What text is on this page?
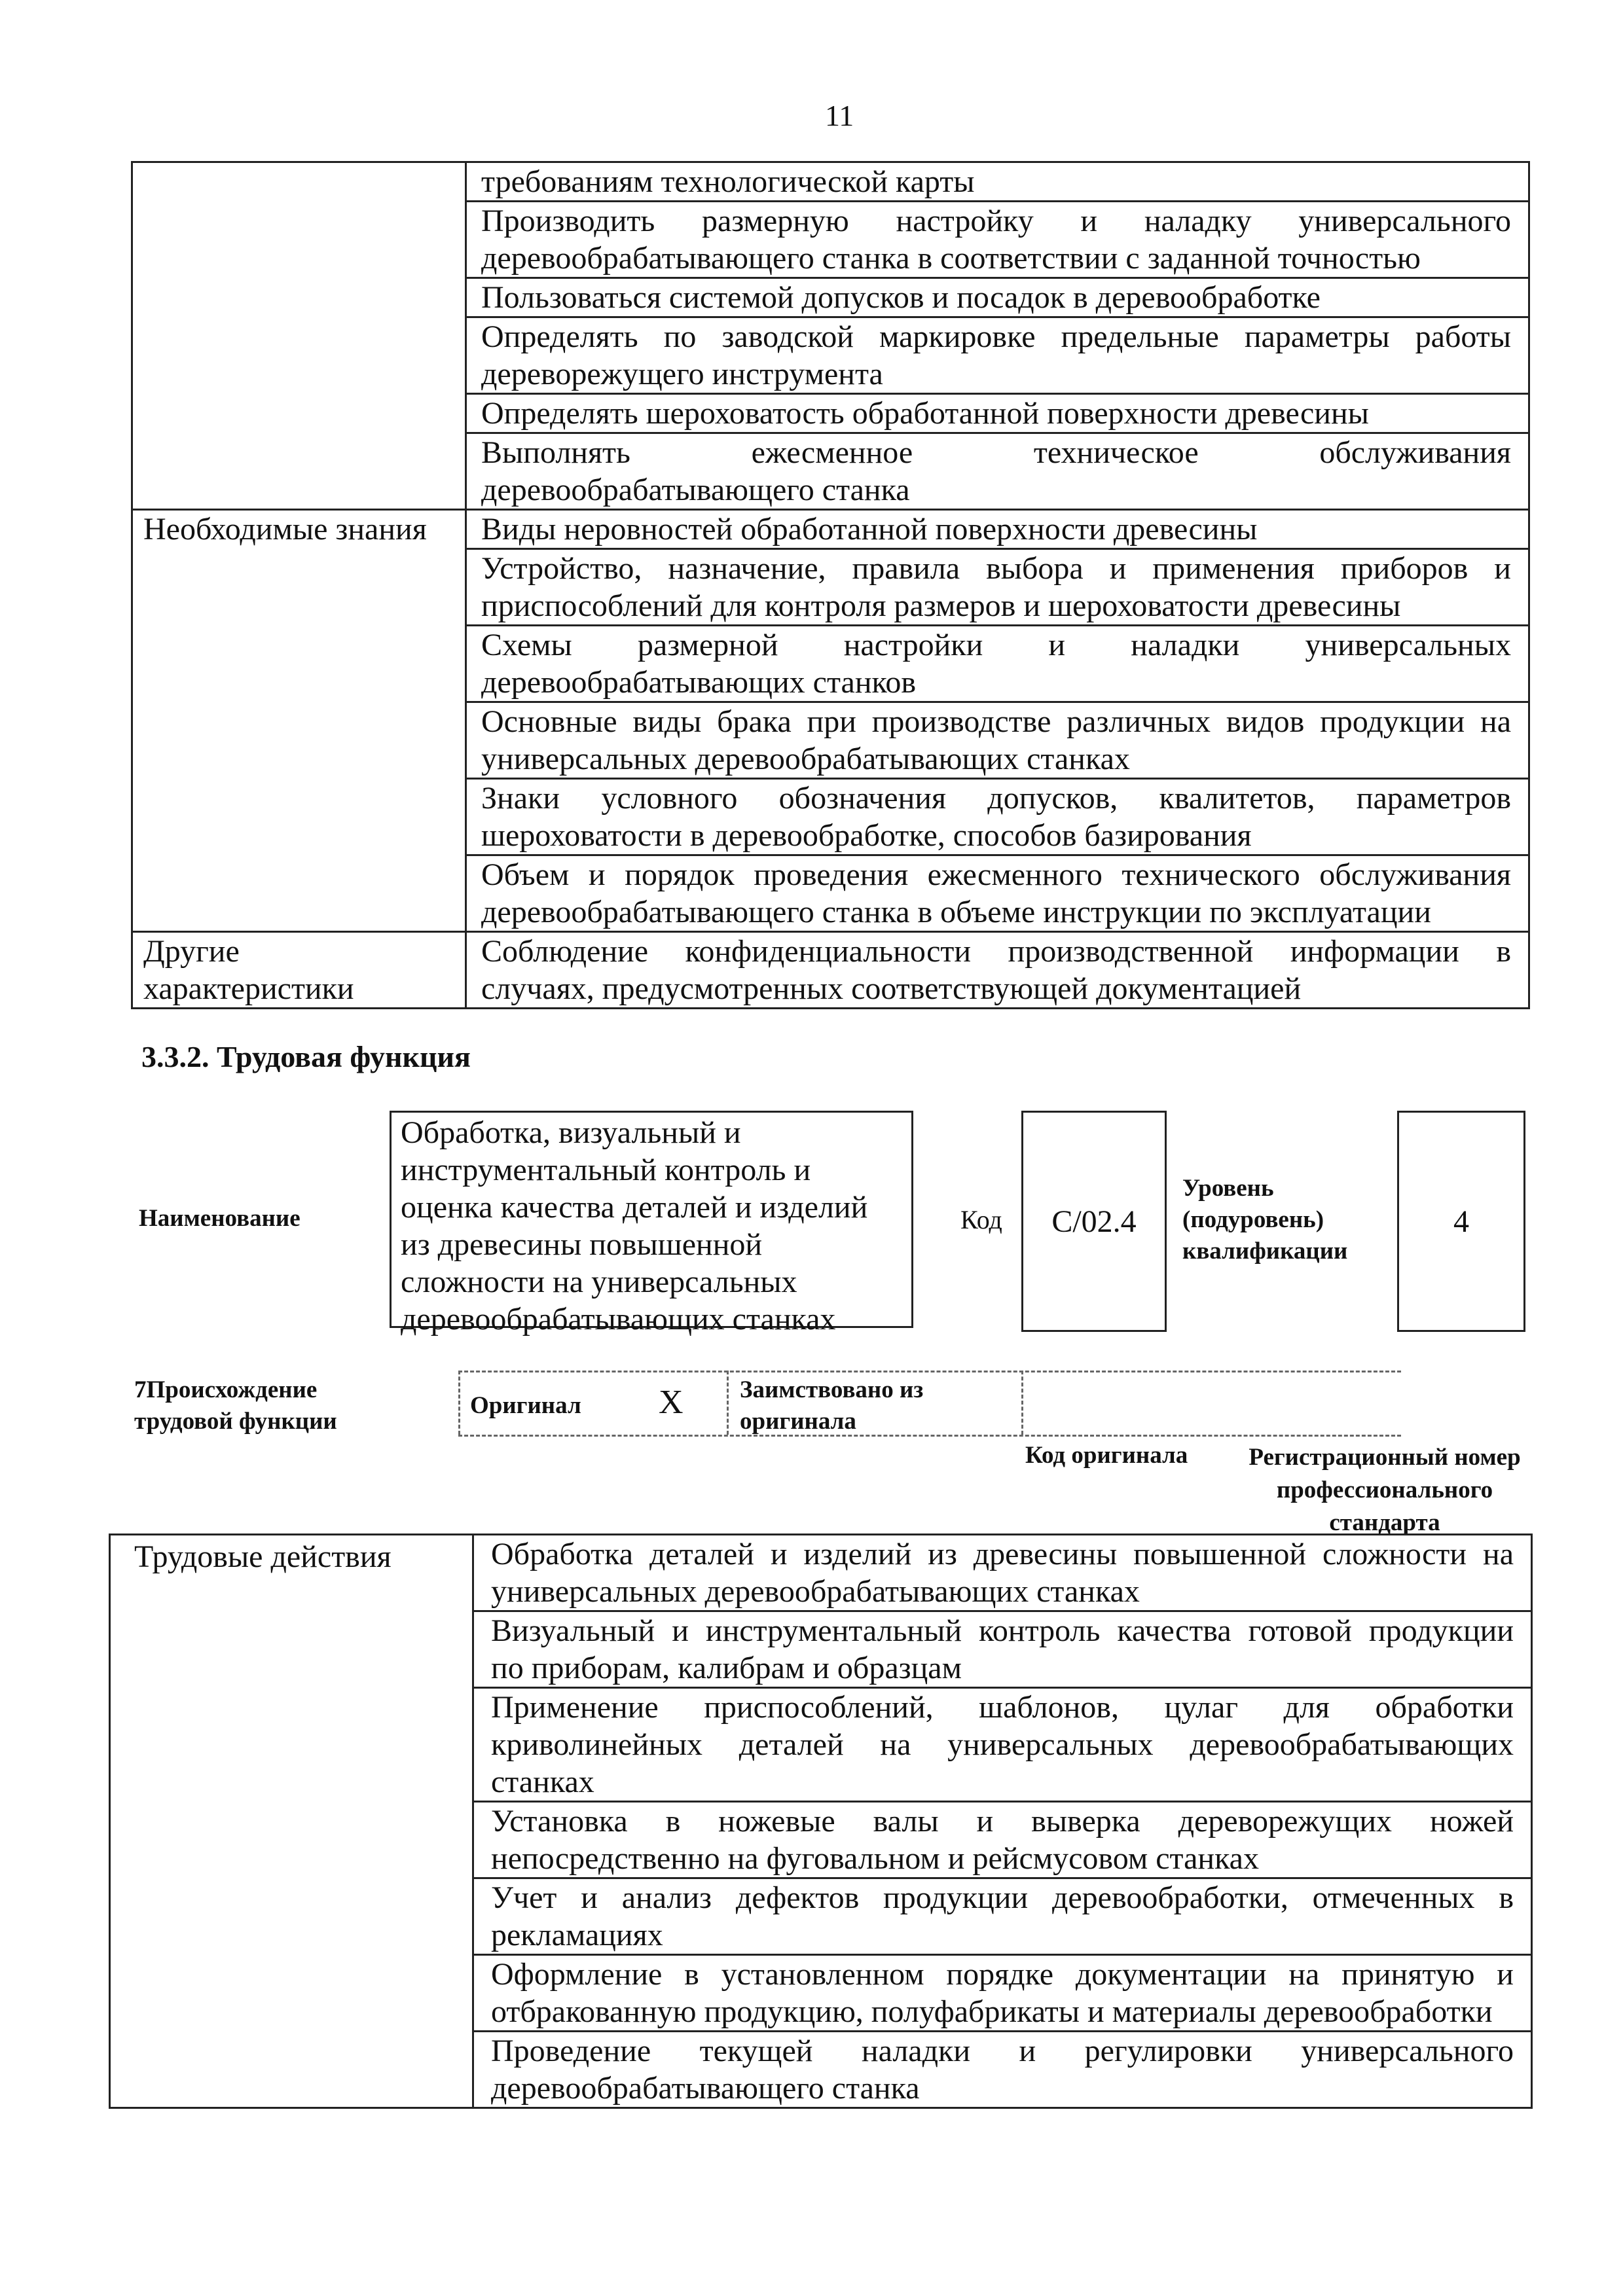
11

	требованиям технологической карты

	Производить размерную настройку и наладку универсального
деревообрабатывающего станка в соответствии с заданной точностью

	Пользоваться системой допусков и посадок в деревообработке

	Определять по заводской маркировке предельные параметры работы
дереворежущего инструмента

	Определять шероховатость обработанной поверхности древесины

	Выполнять ежесменное техническое обслуживания
деревообрабатывающего станка

Необходимые знания	Виды неровностей обработанной поверхности древесины

	Устройство, назначение, правила выбора и применения приборов и
приспособлений для контроля размеров и шероховатости древесины

	Схемы размерной настройки и наладки универсальных
деревообрабатывающих станков

	Основные виды брака при производстве различных видов продукции на
универсальных деревообрабатывающих станках

	Знаки условного обозначения допусков, квалитетов, параметров
шероховатости в деревообработке, способов базирования

	Объем и порядок проведения ежесменного технического обслуживания
деревообрабатывающего станка в объеме инструкции по эксплуатации

Другие характеристики	Соблюдение конфиденциальности производственной информации в
случаях, предусмотренных соответствующей документацией
3.3.2. Трудовая функция
Наименование
Обработка, визуальный и инструментальный контроль и оценка качества деталей и изделий из древесины повышенной сложности на универсальных деревообрабатывающих станках
Код	С/02.4
Уровень (подуровень) квалификации
4
7Происхождение трудовой функции
Оригинал X Заимствовано из оригинала
Код оригинала	Регистрационный номер профессионального стандарта
Трудовые действия	Обработка деталей и изделий из древесины повышенной сложности на
универсальных деревообрабатывающих станках

Визуальный и инструментальный контроль качества готовой продукции
по приборам, калибрам и образцам

Применение приспособлений, шаблонов, цулаг для обработки
криволинейных деталей на универсальных деревообрабатывающих
станках

Установка в ножевые валы и выверка дереворежущих ножей
непосредственно на фуговальном и рейсмусовом станках

Учет и анализ дефектов продукции деревообработки, отмеченных в
рекламациях

Оформление в установленном порядке документации на принятую и
отбракованную продукцию, полуфабрикаты и материалы деревообработки

Проведение текущей наладки и регулировки универсального
деревообрабатывающего станка
